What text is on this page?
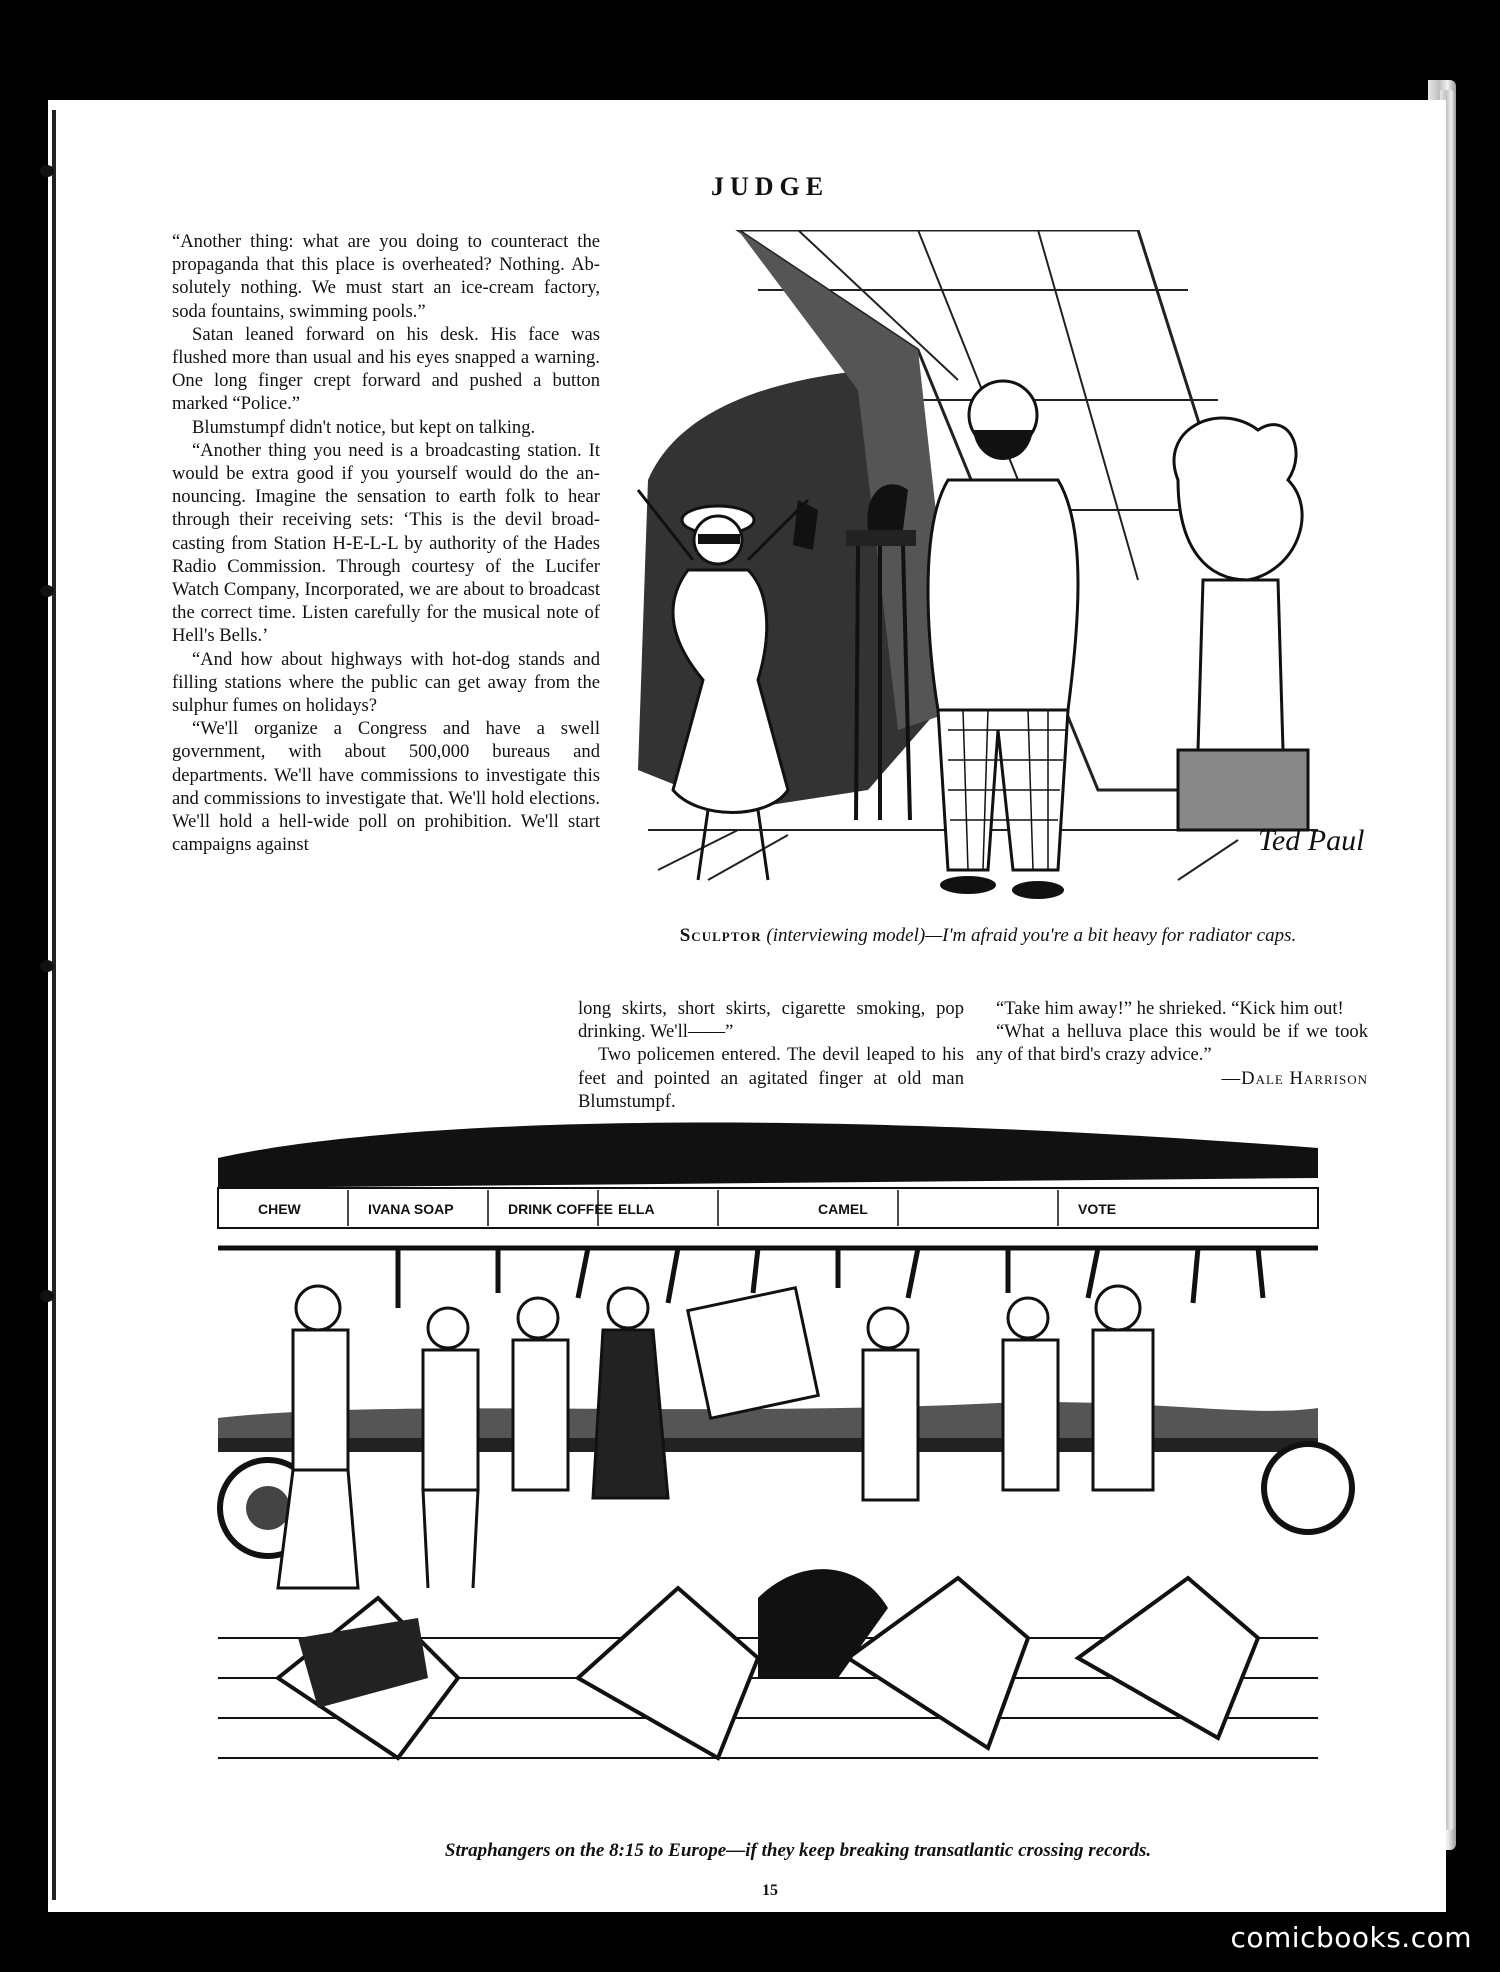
JUDGE

“Another thing: what are you doing to counteract the propaganda that this place is overheated? Nothing. Absolutely nothing. We must start an ice-cream factory, soda fountains, swimming pools.”

Satan leaned forward on his desk. His face was flushed more than usual and his eyes snapped a warning. One long finger crept forward and pushed a button marked “Police.”

Blumstumpf didn't notice, but kept on talking.

“Another thing you need is a broadcasting station. It would be extra good if you yourself would do the announcing. Imagine the sensation to earth folk to hear through their receiving sets: ‘This is the devil broadcasting from Station H-E-L-L by authority of the Hades Radio Commission. Through courtesy of the Lucifer Watch Company, Incorporated, we are about to broadcast the correct time. Listen carefully for the musical note of Hell's Bells.’

“And how about highways with hot-dog stands and filling stations where the public can get away from the sulphur fumes on holidays?

“We'll organize a Congress and have a swell government, with about 500,000 bureaus and departments. We'll have commissions to investigate this and commissions to investigate that. We'll hold elections. We'll hold a hell-wide poll on prohibition. We'll start campaigns against

long skirts, short skirts, cigarette smoking, pop drinking. We'll——”

Two policemen entered. The devil leaped to his feet and pointed an agitated finger at old man Blumstumpf.

“Take him away!” he shrieked. “Kick him out!

“What a helluva place this would be if we took any of that bird's crazy advice.”

—Dale Harrison
Ted Paul
Sculptor (interviewing model)—I'm afraid you're a bit heavy for radiator caps.
CHEW	IVANA SOAP	DRINK COFFEE ELLA	CAMEL	VOTE
Straphangers on the 8:15 to Europe—if they keep breaking transatlantic crossing records.
15
comicbooks.com
